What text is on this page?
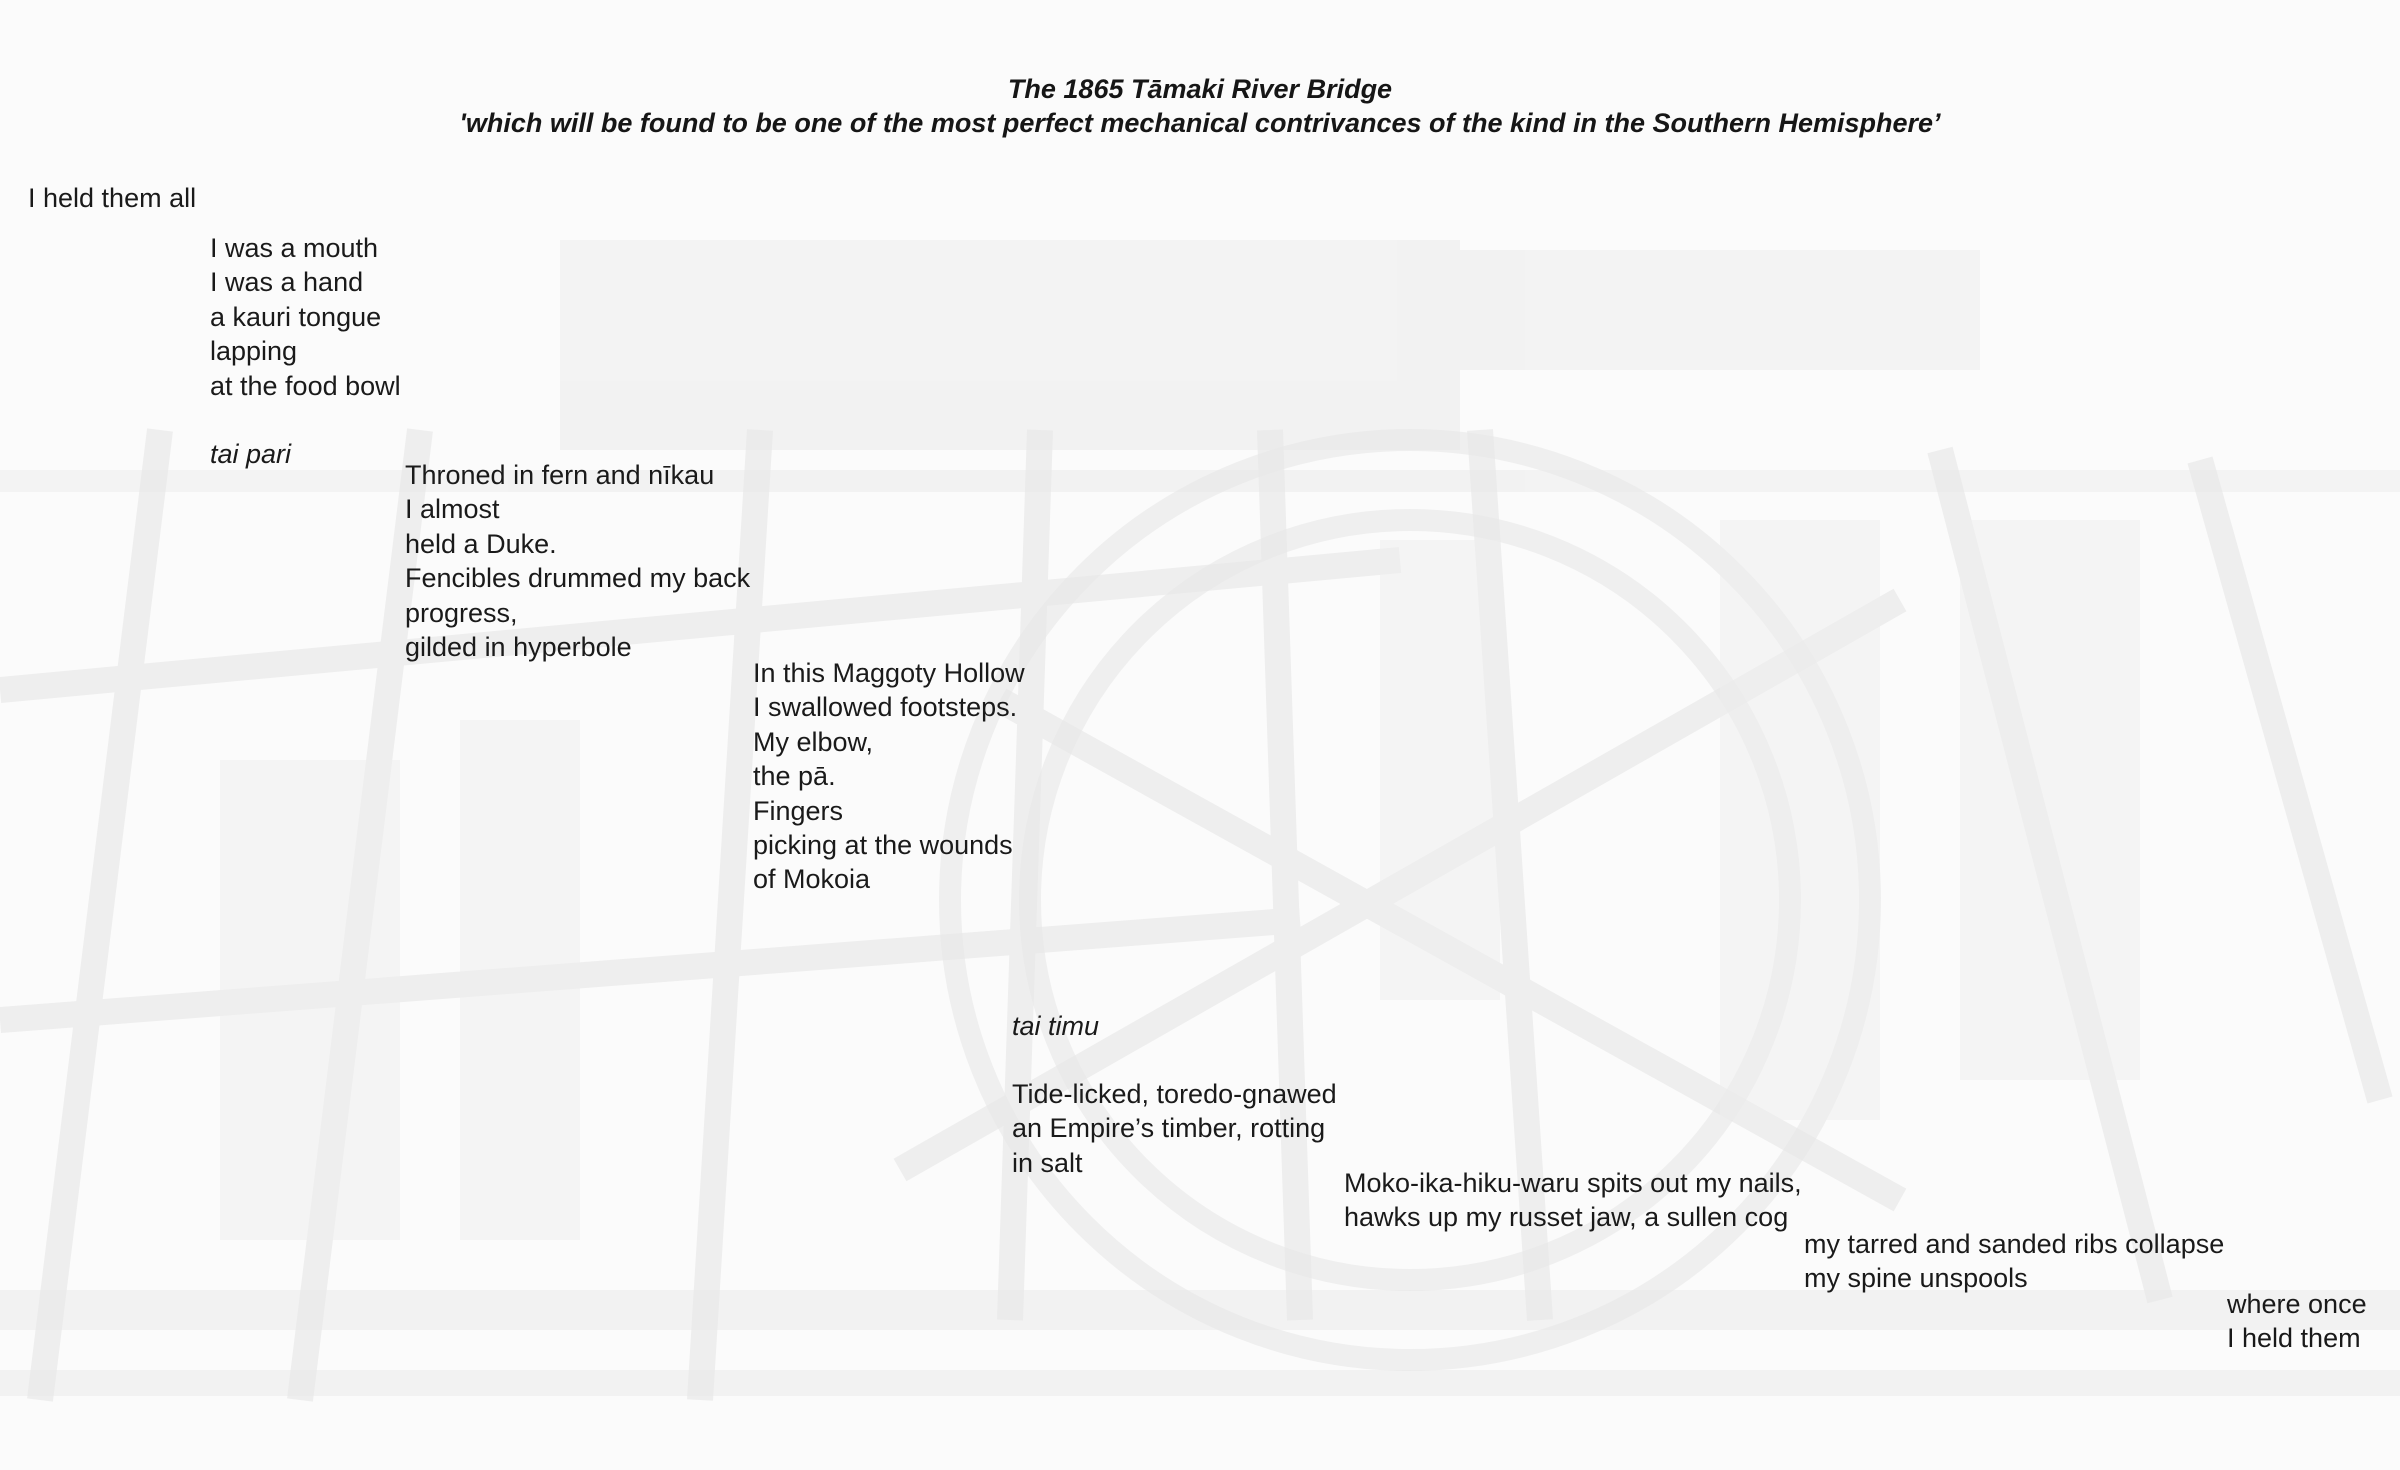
The 1865 Tāmaki River Bridge
'which will be found to be one of the most perfect mechanical contrivances of the kind in the Southern Hemisphere’
I held them all
I was a mouth
I was a hand
a kauri tongue
lapping
at the food bowl
tai pari
Throned in fern and nīkau
I almost
held a Duke.
Fencibles drummed my back
progress,
gilded in hyperbole
In this Maggoty Hollow
I swallowed footsteps.
My elbow,
the pā.
Fingers
picking at the wounds
of Mokoia
tai timu
Tide-licked, toredo-gnawed
an Empire’s timber, rotting
in salt
Moko-ika-hiku-waru spits out my nails,
hawks up my russet jaw, a sullen cog
my tarred and sanded ribs collapse
my spine unspools
where once
I held them
